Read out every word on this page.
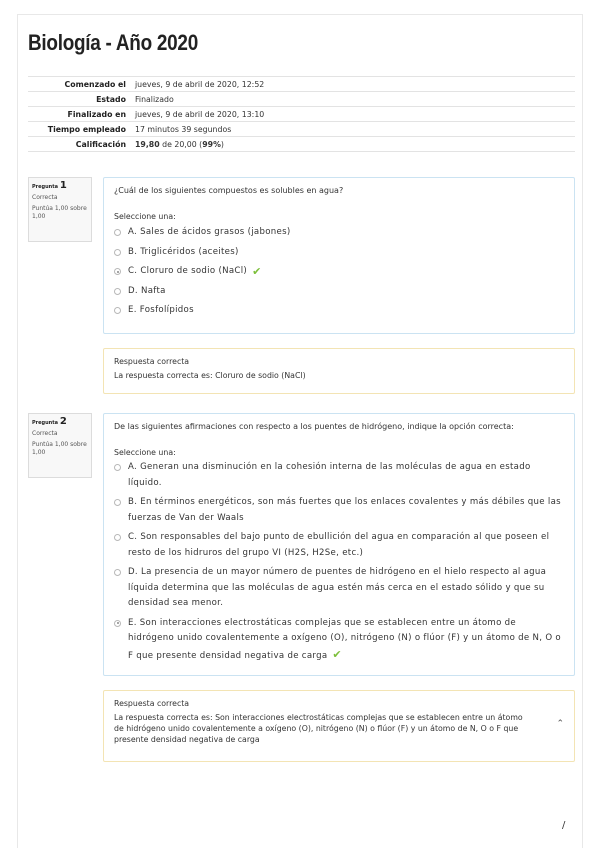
Biología - Año 2020
Comenzado el	jueves, 9 de abril de 2020, 12:52
Estado	Finalizado
Finalizado en	jueves, 9 de abril de 2020, 13:10
Tiempo empleado	17 minutos 39 segundos
Calificación	19,80 de 20,00 (99%)
Pregunta 1
Correcta
Puntúa 1,00 sobre 1,00
¿Cuál de los siguientes compuestos es solubles en agua?
Seleccione una:
A. Sales de ácidos grasos (jabones)
B. Triglicéridos (aceites)
C. Cloruro de sodio (NaCl) ✔
D. Nafta
E. Fosfolípidos
Respuesta correcta
La respuesta correcta es: Cloruro de sodio (NaCl)
Pregunta 2
Correcta
Puntúa 1,00 sobre 1,00
De las siguientes afirmaciones con respecto a los puentes de hidrógeno, indique la opción correcta:
Seleccione una:
A. Generan una disminución en la cohesión interna de las moléculas de agua en estado líquido.
B. En términos energéticos, son más fuertes que los enlaces covalentes y más débiles que las fuerzas de Van der Waals
C. Son responsables del bajo punto de ebullición del agua en comparación al que poseen el resto de los hidruros del grupo VI (H2S, H2Se, etc.)
D. La presencia de un mayor número de puentes de hidrógeno en el hielo respecto al agua líquida determina que las moléculas de agua estén más cerca en el estado sólido y que su densidad sea menor.
E. Son interacciones electrostáticas complejas que se establecen entre un átomo de hidrógeno unido covalentemente a oxígeno (O), nitrógeno (N) o flúor (F) y un átomo de N, O o F que presente densidad negativa de carga ✔
Respuesta correcta
La respuesta correcta es: Son interacciones electrostáticas complejas que se establecen entre un átomo de hidrógeno unido covalentemente a oxígeno (O), nitrógeno (N) o flúor (F) y un átomo de N, O o F que presente densidad negativa de carga
⌃
/
